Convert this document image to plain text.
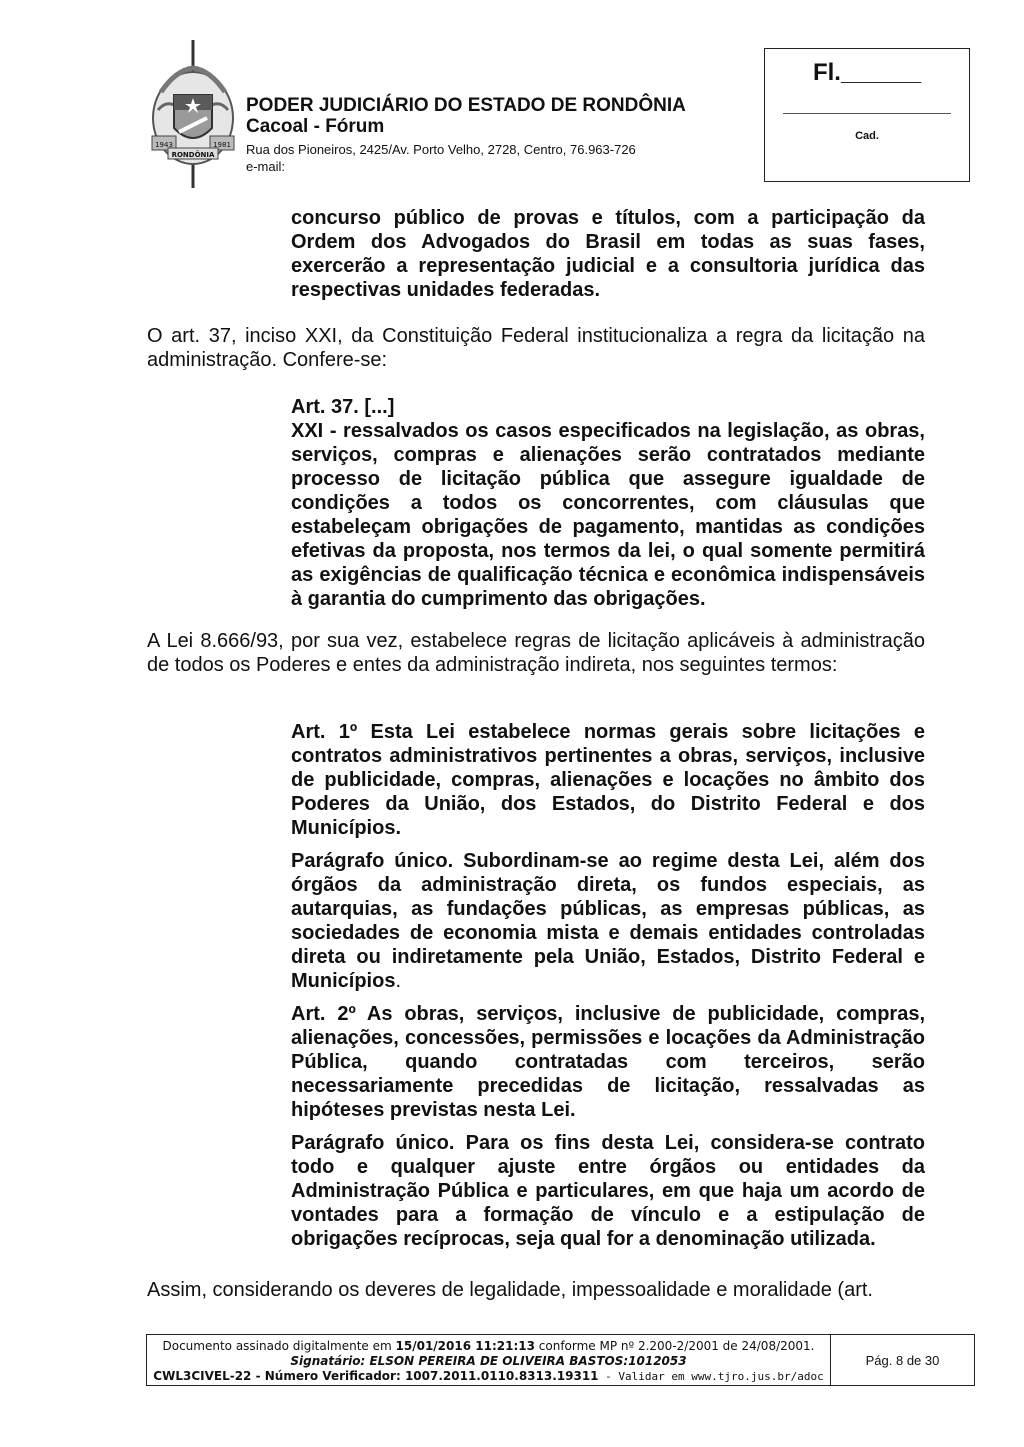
1943	1981
RONDÔNIA
PODER JUDICIÁRIO DO ESTADO DE RONDÔNIA
Cacoal - Fórum
Rua dos Pioneiros, 2425/Av. Porto Velho, 2728, Centro, 76.963-726
e-mail:
Fl.______
Cad.

concurso público de provas e títulos, com a participação da Ordem dos Advogados do Brasil em todas as suas fases, exercerão a representação judicial e a consultoria jurídica das respectivas unidades federadas.

O art. 37, inciso XXI, da Constituição Federal institucionaliza a regra da licitação na administração. Confere-se:

Art. 37. [...]

XXI - ressalvados os casos especificados na legislação, as obras, serviços, compras e alienações serão contratados mediante processo de licitação pública que assegure igualdade de condições a todos os concorrentes, com cláusulas que estabeleçam obrigações de pagamento, mantidas as condições efetivas da proposta, nos termos da lei, o qual somente permitirá as exigências de qualificação técnica e econômica indispensáveis à garantia do cumprimento das obrigações.

A Lei 8.666/93, por sua vez, estabelece regras de licitação aplicáveis à administração de todos os Poderes e entes da administração indireta, nos seguintes termos:

Art. 1º Esta Lei estabelece normas gerais sobre licitações e contratos administrativos pertinentes a obras, serviços, inclusive de publicidade, compras, alienações e locações no âmbito dos Poderes da União, dos Estados, do Distrito Federal e dos Municípios.

Parágrafo único. Subordinam-se ao regime desta Lei, além dos órgãos da administração direta, os fundos especiais, as autarquias, as fundações públicas, as empresas públicas, as sociedades de economia mista e demais entidades controladas direta ou indiretamente pela União, Estados, Distrito Federal e Municípios.

Art. 2º As obras, serviços, inclusive de publicidade, compras, alienações, concessões, permissões e locações da Administração Pública, quando contratadas com terceiros, serão necessariamente precedidas de licitação, ressalvadas as hipóteses previstas nesta Lei.

Parágrafo único. Para os fins desta Lei, considera-se contrato todo e qualquer ajuste entre órgãos ou entidades da Administração Pública e particulares, em que haja um acordo de vontades para a formação de vínculo e a estipulação de obrigações recíprocas, seja qual for a denominação utilizada.

Assim, considerando os deveres de legalidade, impessoalidade e moralidade (art.

Documento assinado digitalmente em 15/01/2016 11:21:13 conforme MP nº 2.200-2/2001 de 24/08/2001.
Signatário: ELSON PEREIRA DE OLIVEIRA BASTOS:1012053
CWL3CIVEL-22 - Número Verificador: 1007.2011.0110.8313.19311 - Validar em www.tjro.jus.br/adoc
Pág. 8 de 30
